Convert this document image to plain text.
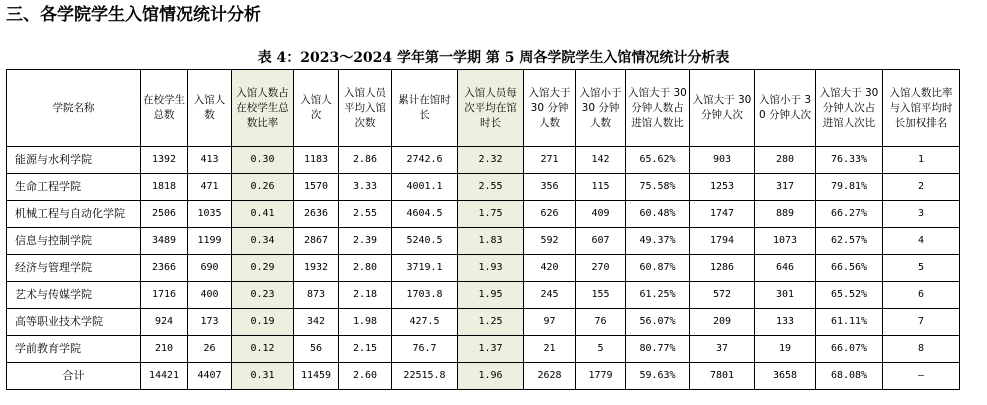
三、各学院学生入馆情况统计分析
表 4：2023～2024 学年第一学期 第 5 周各学院学生入馆情况统计分析表
学院名称	在校学生总数	入馆人数	入馆人数占在校学生总数比率	入馆人次	入馆人员平均入馆次数	累计在馆时长	入馆人员每次平均在馆时长	入馆大于 30 分钟人数	入馆小于 30 分钟人数	入馆大于 30 分钟人数占进馆人数比	入馆大于 30 分钟人次	入馆小于 30 分钟人次	入馆大于 30 分钟人次占进馆人次比	入馆人数比率与入馆平均时长加权排名
能源与水利学院	1392	413	0.30	1183	2.86	2742.6	2.32	271	142	65.62%	903	280	76.33%	1
生命工程学院	1818	471	0.26	1570	3.33	4001.1	2.55	356	115	75.58%	1253	317	79.81%	2
机械工程与自动化学院	2506	1035	0.41	2636	2.55	4604.5	1.75	626	409	60.48%	1747	889	66.27%	3
信息与控制学院	3489	1199	0.34	2867	2.39	5240.5	1.83	592	607	49.37%	1794	1073	62.57%	4
经济与管理学院	2366	690	0.29	1932	2.80	3719.1	1.93	420	270	60.87%	1286	646	66.56%	5
艺术与传媒学院	1716	400	0.23	873	2.18	1703.8	1.95	245	155	61.25%	572	301	65.52%	6
高等职业技术学院	924	173	0.19	342	1.98	427.5	1.25	97	76	56.07%	209	133	61.11%	7
学前教育学院	210	26	0.12	56	2.15	76.7	1.37	21	5	80.77%	37	19	66.07%	8
合计	14421	4407	0.31	11459	2.60	22515.8	1.96	2628	1779	59.63%	7801	3658	68.08%	—
